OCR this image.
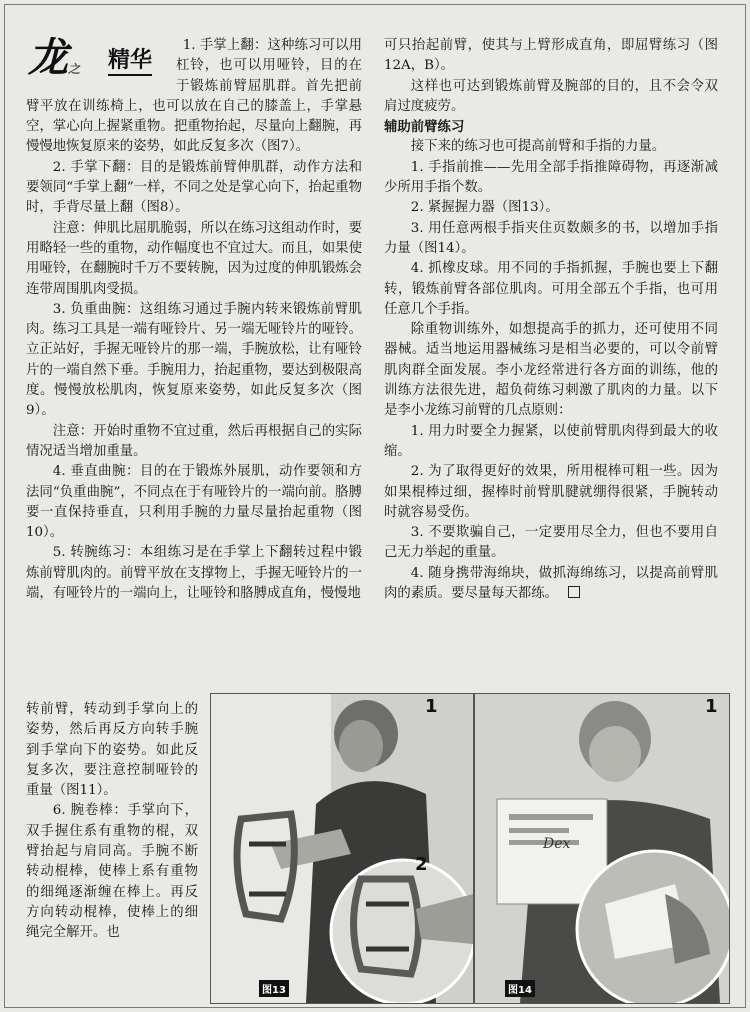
龙 之 精华

1. 手掌上翻：这种练习可以用杠铃，也可以用哑铃，目的在于锻炼前臂屈肌群。首先把前臂平放在训练椅上，也可以放在自己的膝盖上，手掌悬空，掌心向上握紧重物。把重物抬起，尽量向上翻腕，再慢慢地恢复原来的姿势，如此反复多次（图7）。

2. 手掌下翻：目的是锻炼前臂伸肌群，动作方法和要领同“手掌上翻”一样，不同之处是掌心向下，抬起重物时，手背尽量上翻（图8）。

注意：伸肌比屈肌脆弱，所以在练习这组动作时，要用略轻一些的重物，动作幅度也不宜过大。而且，如果使用哑铃，在翻腕时千万不要转腕，因为过度的伸肌锻炼会连带周围肌肉受损。

3. 负重曲腕：这组练习通过手腕内转来锻炼前臂肌肉。练习工具是一端有哑铃片、另一端无哑铃片的哑铃。立正站好，手握无哑铃片的那一端，手腕放松，让有哑铃片的一端自然下垂。手腕用力，抬起重物，要达到极限高度。慢慢放松肌肉，恢复原来姿势，如此反复多次（图9）。

注意：开始时重物不宜过重，然后再根据自己的实际情况适当增加重量。

4. 垂直曲腕：目的在于锻炼外展肌，动作要领和方法同“负重曲腕”，不同点在于有哑铃片的一端向前。胳膊要一直保持垂直，只利用手腕的力量尽量抬起重物（图10）。

5. 转腕练习：本组练习是在手掌上下翻转过程中锻炼前臂肌肉的。前臂平放在支撑物上，手握无哑铃片的一端，有哑铃片的一端向上，让哑铃和胳膊成直角，慢慢地

转前臂，转动到手掌向上的姿势，然后再反方向转手腕到手掌向下的姿势。如此反复多次，要注意控制哑铃的重量（图11）。

6. 腕卷棒：手掌向下，双手握住系有重物的棍，双臂抬起与肩同高。手腕不断转动棍棒，使棒上系有重物的细绳逐渐缠在棒上。再反方向转动棍棒，使棒上的细绳完全解开。也

可只抬起前臂，使其与上臂形成直角，即屈臂练习（图12A，B）。

这样也可达到锻炼前臂及腕部的目的，且不会令双肩过度疲劳。

辅助前臂练习

接下来的练习也可提高前臂和手指的力量。

1. 手指前推——先用全部手指推障碍物，再逐渐减少所用手指个数。

2. 紧握握力器（图13）。

3. 用任意两根手指夹住页数颇多的书，以增加手指力量（图14）。

4. 抓橡皮球。用不同的手指抓握，手腕也要上下翻转，锻炼前臂各部位肌肉。可用全部五个手指，也可用任意几个手指。

除重物训练外，如想提高手的抓力，还可使用不同器械。适当地运用器械练习是相当必要的，可以令前臂肌肉群全面发展。李小龙经常进行各方面的训练，他的训练方法很先进，超负荷练习刺激了肌肉的力量。以下是李小龙练习前臂的几点原则：

1. 用力时要全力握紧，以使前臂肌肉得到最大的收缩。

2. 为了取得更好的效果，所用棍棒可粗一些。因为如果棍棒过细，握棒时前臂肌腱就绷得很紧，手腕转动时就容易受伤。

3. 不要欺骗自己，一定要用尽全力，但也不要用自己无力举起的重量。

4. 随身携带海绵块，做抓海绵练习，以提高前臂肌肉的素质。要尽量每天都练。

1
2
图13
Dex
1
图14
